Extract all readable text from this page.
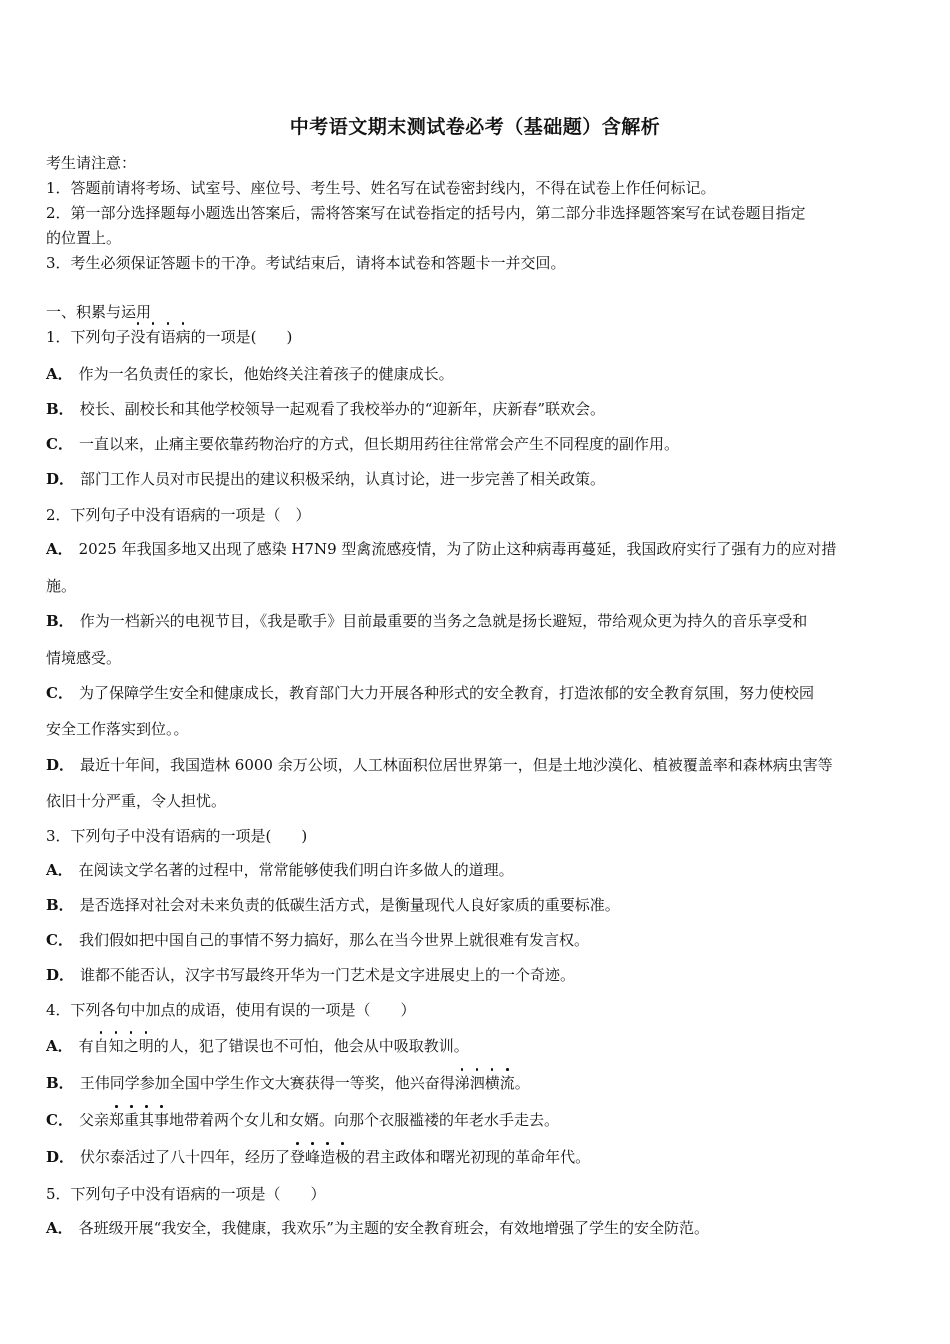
中考语文期末测试卷必考（基础题）含解析
考生请注意：
1．答题前请将考场、试室号、座位号、考生号、姓名写在试卷密封线内，不得在试卷上作任何标记。
2．第一部分选择题每小题选出答案后，需将答案写在试卷指定的括号内，第二部分非选择题答案写在试卷题目指定
的位置上。
3．考生必须保证答题卡的干净。考试结束后，请将本试卷和答题卡一并交回。
一、积累与运用
1．下列句子没有语病的一项是(　　)
A． 作为一名负责任的家长，他始终关注着孩子的健康成长。
B． 校长、副校长和其他学校领导一起观看了我校举办的“迎新年，庆新春”联欢会。
C． 一直以来，止痛主要依靠药物治疗的方式，但长期用药往往常常会产生不同程度的副作用。
D． 部门工作人员对市民提出的建议积极采纳，认真讨论，进一步完善了相关政策。
2．下列句子中没有语病的一项是（　）
A． 2025 年我国多地又出现了感染 H7N9 型禽流感疫情，为了防止这种病毒再蔓延，我国政府实行了强有力的应对措
施。
B． 作为一档新兴的电视节目，《我是歌手》目前最重要的当务之急就是扬长避短，带给观众更为持久的音乐享受和
情境感受。
C． 为了保障学生安全和健康成长，教育部门大力开展各种形式的安全教育，打造浓郁的安全教育氛围，努力使校园
安全工作落实到位。。
D． 最近十年间，我国造林 6000 余万公顷，人工林面积位居世界第一，但是土地沙漠化、植被覆盖率和森林病虫害等
依旧十分严重，令人担忧。
3．下列句子中没有语病的一项是(　　)
A． 在阅读文学名著的过程中，常常能够使我们明白许多做人的道理。
B． 是否选择对社会对未来负责的低碳生活方式，是衡量现代人良好家质的重要标准。
C． 我们假如把中国自己的事情不努力搞好，那么在当今世界上就很难有发言权。
D． 谁都不能否认，汉字书写最终开华为一门艺术是文字进展史上的一个奇迹。
4．下列各句中加点的成语，使用有误的一项是（　　）
A． 有自知之明的人，犯了错误也不可怕，他会从中吸取教训。
B． 王伟同学参加全国中学生作文大赛获得一等奖，他兴奋得涕泗横流。
C． 父亲郑重其事地带着两个女儿和女婿。向那个衣服褴褛的年老水手走去。
D． 伏尔泰活过了八十四年，经历了登峰造极的君主政体和曙光初现的革命年代。
5．下列句子中没有语病的一项是（　　）
A． 各班级开展“我安全，我健康，我欢乐”为主题的安全教育班会，有效地增强了学生的安全防范。
